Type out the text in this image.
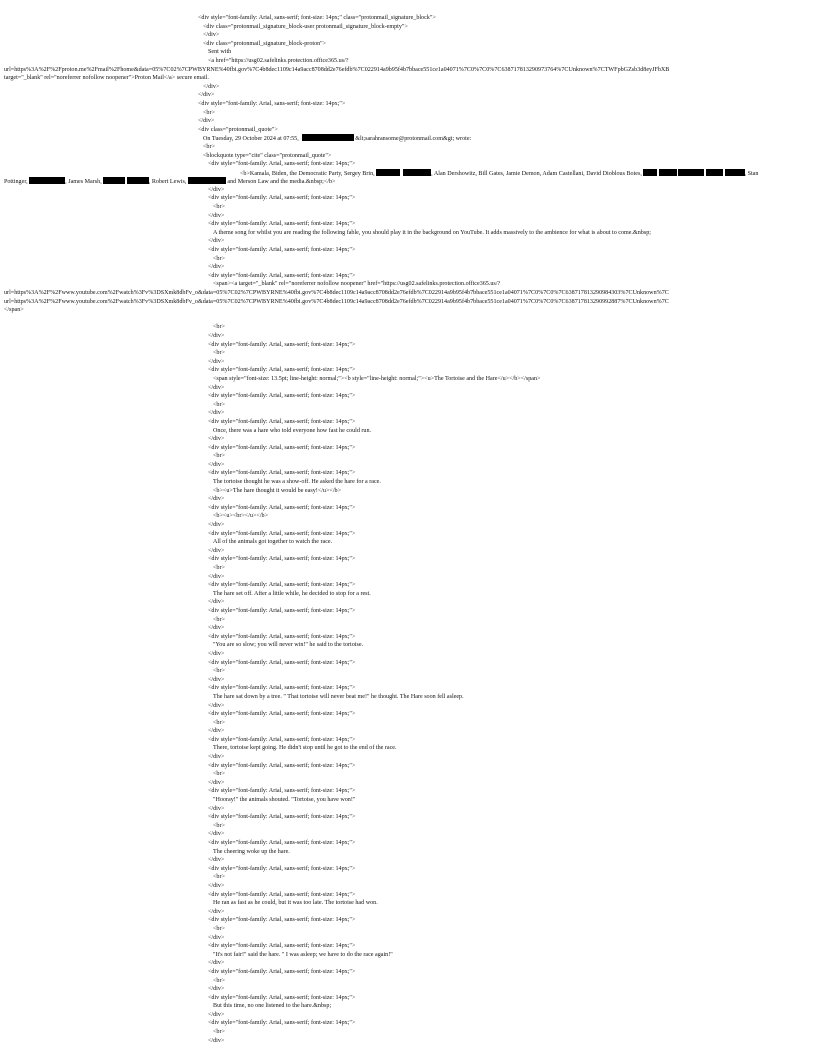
<div style="font-family: Arial, sans-serif; font-size: 14px;" class="protonmail_signature_block">
<div class="protonmail_signature_block-user protonmail_signature_block-empty">
</div>
<div class="protonmail_signature_block-proton">
Sent with
<a href="https://usg02.safelinks.protection.office365.us/?
url=https%3A%2F%2Fproton.me%2Fmail%2Fhome&data=05%7C02%7CPWBYRNE%40fbi.gov%7C4b8dec1109c14a9acc8708dd2e76efdb%7C022914a9b95f4b7bbace551ce1a04071%7C0%7C0%7C638717813290973764%7CUnknown%7CTWFpbGZsb3d8eyJFbXB
target="_blank" rel="noreferrer nofollow noopener">Proton Mail</a> secure email.
</div>
</div>
<div style="font-family: Arial, sans-serif; font-size: 14px;">
<br>
</div>
<div class="protonmail_quote">
On Tuesday, 29 October 2024 at 07:55,	&lt;sarahransome@protonmail.com&gt; wrote:
<br>
<blockquote type="cite" class="protonmail_quote">
<div style="font-family: Arial, sans-serif; font-size: 14px;">
<b>Kamala, Biden, the Democratic Party, Sergey Brin,	, Alan Dershowitz, Bill Gates, Jamie Demon, Adam Castellani, David Dioblous Boies,	, Stan
Pottinger,	, James Marsh,	, Robert Lewis,	and Merson Law and the media.&nbsp;</b>
</div>
<div style="font-family: Arial, sans-serif; font-size: 14px;">
<br>
</div>
<div style="font-family: Arial, sans-serif; font-size: 14px;">
A theme song for whilst you are reading the following fable, you should play it in the background on YouTube. It adds massively to the ambience for what is about to come.&nbsp;
</div>
<div style="font-family: Arial, sans-serif; font-size: 14px;">
<br>
</div>
<div style="font-family: Arial, sans-serif; font-size: 14px;">
<span><a target="_blank" rel="noreferrer nofollow noopener" href="https://usg02.safelinks.protection.office365.us/?
url=https%3A%2F%2Fwww.youtube.com%2Fwatch%3Fv%3DSXmk8dbFv_o&data=05%7C02%7CPWBYRNE%40fbi.gov%7C4b8dec1109c14a9acc8708dd2e76efdb%7C022914a9b95f4b7bbace551ce1a04071%7C0%7C0%7C638717813290984303%7CUnknown%7C
url=https%3A%2F%2Fwww.youtube.com%2Fwatch%3Fv%3DSXmk8dbFv_o&data=05%7C02%7CPWBYRNE%40fbi.gov%7C4b8dec1109c14a9acc8708dd2e76efdb%7C022914a9b95f4b7bbace551ce1a04071%7C0%7C0%7C638717813290992887%7CUnknown%7C
</span>
<br>
</div>
<div style="font-family: Arial, sans-serif; font-size: 14px;">
<br>
</div>
<div style="font-family: Arial, sans-serif; font-size: 14px;">
<span style="font-size: 13.5pt; line-height: normal;"><b style="line-height: normal;"><u>The Tortoise and the Hare</u></b></span>
</div>
<div style="font-family: Arial, sans-serif; font-size: 14px;">
<br>
</div>
<div style="font-family: Arial, sans-serif; font-size: 14px;">
Once, there was a hare who told everyone how fast he could run.
</div>
<div style="font-family: Arial, sans-serif; font-size: 14px;">
<br>
</div>
<div style="font-family: Arial, sans-serif; font-size: 14px;">
The tortoise thought he was a show-off. He asked the hare for a race.
<b><u>The hare thought it would be easy!</u></b>
</div>
<div style="font-family: Arial, sans-serif; font-size: 14px;">
<b><u><br></u></b>
</div>
<div style="font-family: Arial, sans-serif; font-size: 14px;">
All of the animals got together to watch the race.
</div>
<div style="font-family: Arial, sans-serif; font-size: 14px;">
<br>
</div>
<div style="font-family: Arial, sans-serif; font-size: 14px;">
The hare set off. After a little while, he decided to stop for a rest.
</div>
<div style="font-family: Arial, sans-serif; font-size: 14px;">
<br>
</div>
<div style="font-family: Arial, sans-serif; font-size: 14px;">
"You are so slow; you will never win!" he said to the tortoise.
</div>
<div style="font-family: Arial, sans-serif; font-size: 14px;">
<br>
</div>
<div style="font-family: Arial, sans-serif; font-size: 14px;">
The hare sat down by a tree. " That tortoise will never beat me!" he thought. The Hare soon fell asleep.
</div>
<div style="font-family: Arial, sans-serif; font-size: 14px;">
<br>
</div>
<div style="font-family: Arial, sans-serif; font-size: 14px;">
There, tortoise kept going. He didn't stop until he got to the end of the race.
</div>
<div style="font-family: Arial, sans-serif; font-size: 14px;">
<br>
</div>
<div style="font-family: Arial, sans-serif; font-size: 14px;">
"Hooray!" the animals shouted. "Tortoise, you have won!"
</div>
<div style="font-family: Arial, sans-serif; font-size: 14px;">
<br>
</div>
<div style="font-family: Arial, sans-serif; font-size: 14px;">
The cheering woke up the hare.
</div>
<div style="font-family: Arial, sans-serif; font-size: 14px;">
<br>
</div>
<div style="font-family: Arial, sans-serif; font-size: 14px;">
He ran as fast as he could, but it was too late. The tortoise had won.
</div>
<div style="font-family: Arial, sans-serif; font-size: 14px;">
<br>
</div>
<div style="font-family: Arial, sans-serif; font-size: 14px;">
"It's not fair!" said the hare. " I was asleep; we have to do the race again!"
</div>
<div style="font-family: Arial, sans-serif; font-size: 14px;">
<br>
</div>
<div style="font-family: Arial, sans-serif; font-size: 14px;">
But this time, no one listened to the hare.&nbsp;
</div>
<div style="font-family: Arial, sans-serif; font-size: 14px;">
<br>
</div>
